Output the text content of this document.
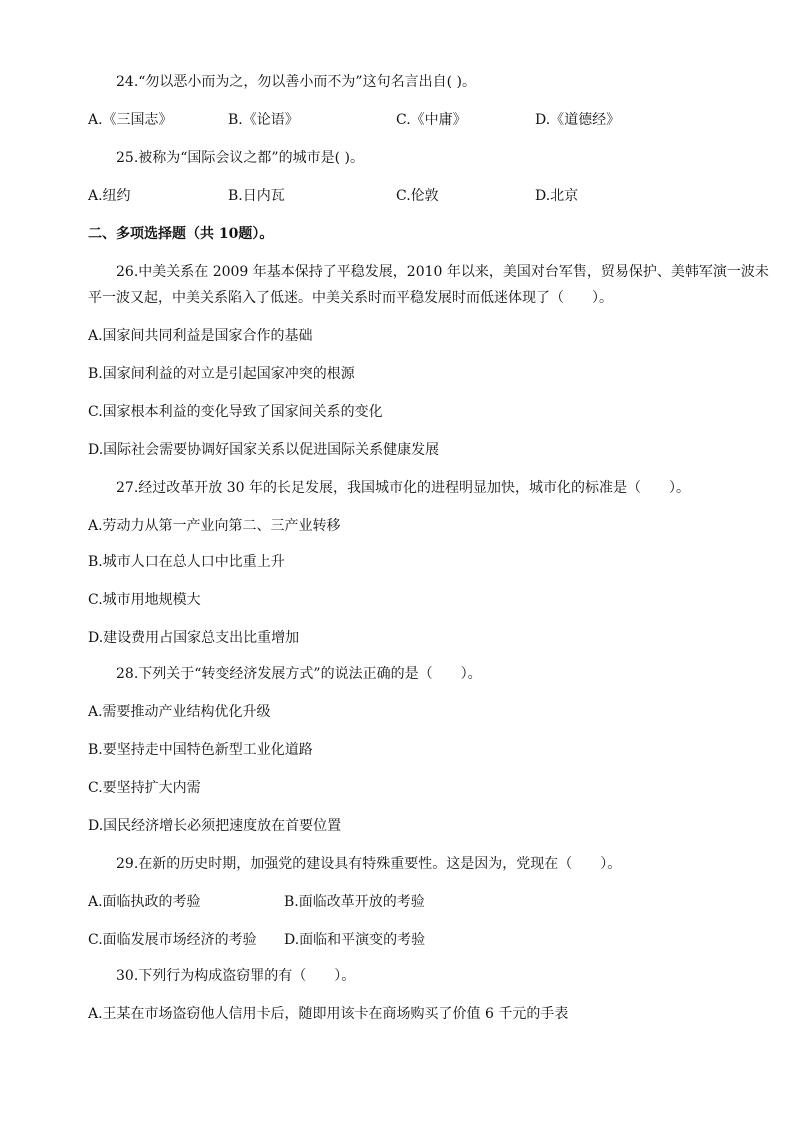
24.“勿以恶小而为之，勿以善小而不为”这句名言出自( )。
A.《三国志》	B.《论语》	C.《中庸》	D.《道德经》
25.被称为“国际会议之都”的城市是( )。
A.纽约	B.日内瓦	C.伦敦	D.北京
二、多项选择题（共 10题）。
26.中美关系在 2009 年基本保持了平稳发展，2010 年以来，美国对台军售，贸易保护、美韩军演一波未
平一波又起，中美关系陷入了低迷。中美关系时而平稳发展时而低迷体现了（　　）。
A.国家间共同利益是国家合作的基础
B.国家间利益的对立是引起国家冲突的根源
C.国家根本利益的变化导致了国家间关系的变化
D.国际社会需要协调好国家关系以促进国际关系健康发展
27.经过改革开放 30 年的长足发展，我国城市化的进程明显加快，城市化的标准是（　　）。
A.劳动力从第一产业向第二、三产业转移
B.城市人口在总人口中比重上升
C.城市用地规模大
D.建设费用占国家总支出比重增加
28.下列关于“转变经济发展方式”的说法正确的是（　　）。
A.需要推动产业结构优化升级
B.要坚持走中国特色新型工业化道路
C.要坚持扩大内需
D.国民经济增长必须把速度放在首要位置
29.在新的历史时期，加强党的建设具有特殊重要性。这是因为，党现在（　　）。
A.面临执政的考验	B.面临改革开放的考验
C.面临发展市场经济的考验 D.面临和平演变的考验
30.下列行为构成盗窃罪的有（　　）。
A.王某在市场盗窃他人信用卡后，随即用该卡在商场购买了价值 6 千元的手表
